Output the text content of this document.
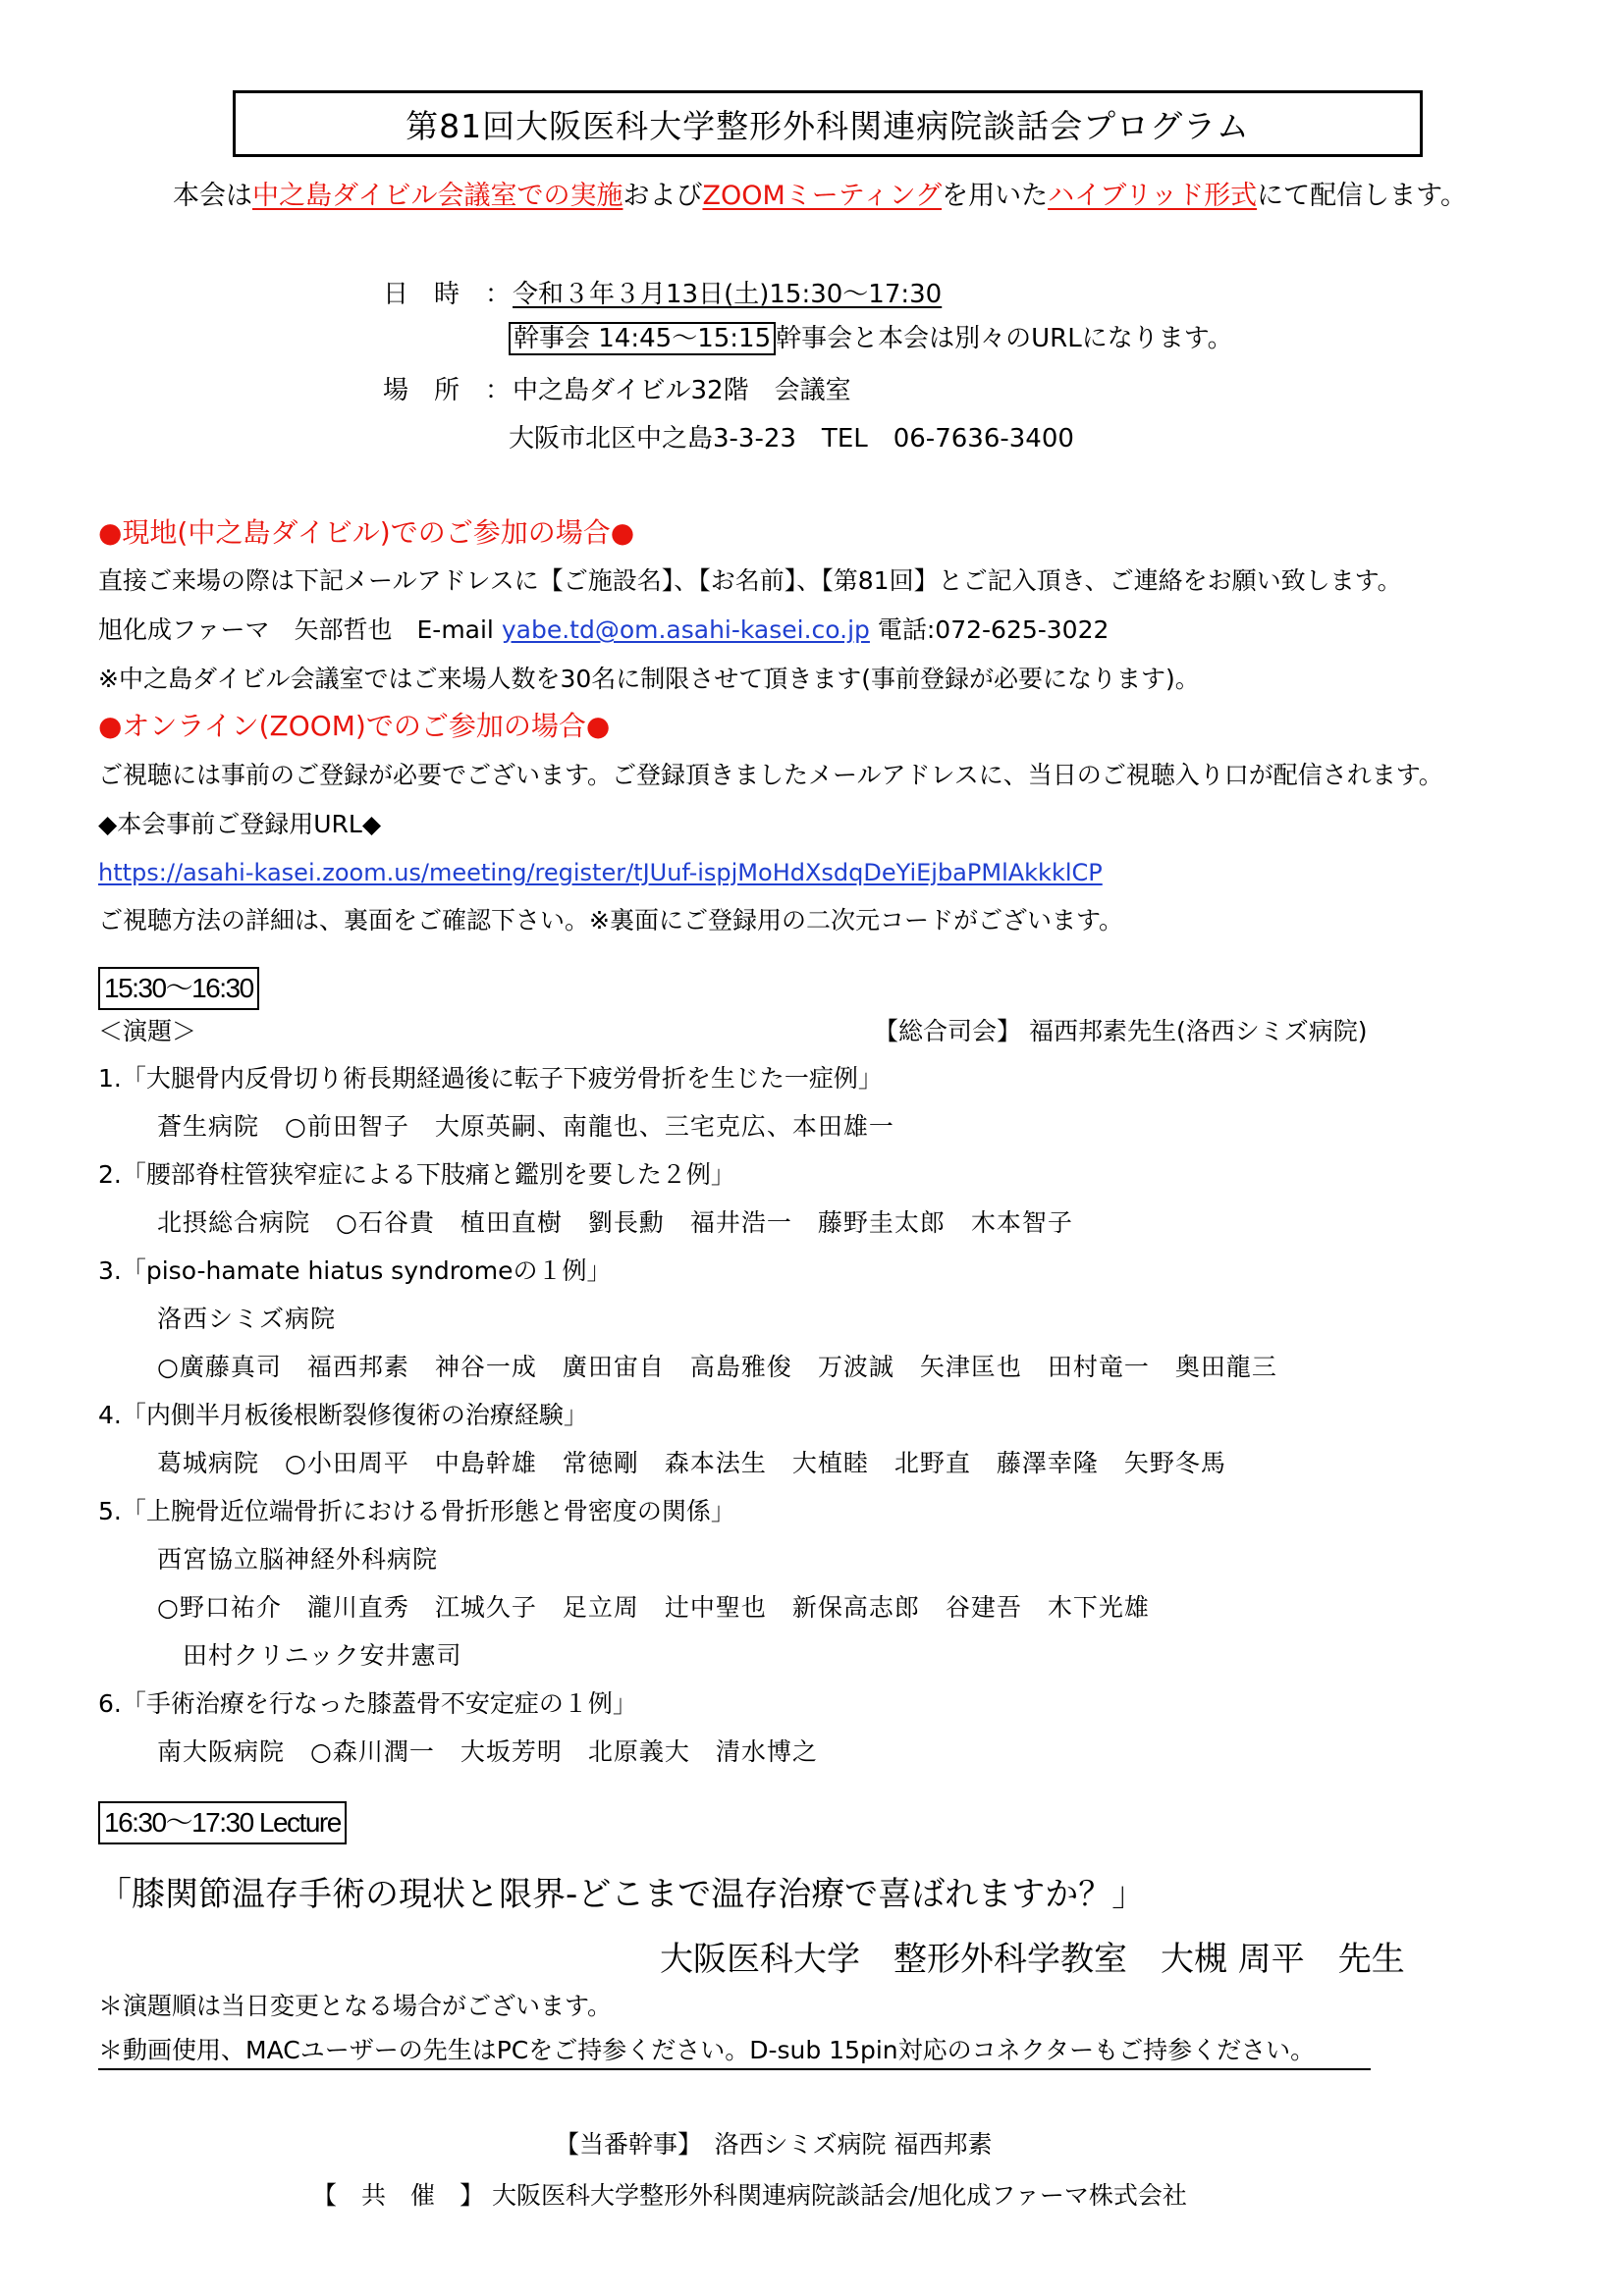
第81回大阪医科大学整形外科関連病院談話会プログラム
本会は中之島ダイビル会議室での実施およびZOOMミーティングを用いたハイブリッド形式にて配信します。
日　時　： 令和３年３月13日(土)15:30～17:30
幹事会 14:45～15:15 幹事会と本会は別々のURLになります。
場　所　： 中之島ダイビル32階　会議室
大阪市北区中之島3-3-23　TEL　06-7636-3400
●現地(中之島ダイビル)でのご参加の場合●
直接ご来場の際は下記メールアドレスに【ご施設名】、【お名前】、【第81回】とご記入頂き、ご連絡をお願い致します。
旭化成ファーマ　矢部哲也　E-mail yabe.td@om.asahi-kasei.co.jp 電話:072-625-3022
※中之島ダイビル会議室ではご来場人数を30名に制限させて頂きます(事前登録が必要になります)。
●オンライン(ZOOM)でのご参加の場合●
ご視聴には事前のご登録が必要でございます。ご登録頂きましたメールアドレスに、当日のご視聴入り口が配信されます。
◆本会事前ご登録用URL◆
https://asahi-kasei.zoom.us/meeting/register/tJUuf-ispjMoHdXsdqDeYiEjbaPMlAkkklCP
ご視聴方法の詳細は、裏面をご確認下さい。※裏面にご登録用の二次元コードがございます。
15:30～16:30
＜演題＞	【総合司会】 福西邦素先生(洛西シミズ病院)
1.「大腿骨内反骨切り術長期経過後に転子下疲労骨折を生じた一症例」
蒼生病院　○前田智子　大原英嗣、南龍也、三宅克広、本田雄一
2.「腰部脊柱管狭窄症による下肢痛と鑑別を要した２例」
北摂総合病院　○石谷貴　植田直樹　劉長勳　福井浩一　藤野圭太郎　木本智子
3.「piso-hamate hiatus syndromeの１例」
洛西シミズ病院
○廣藤真司　福西邦素　神谷一成　廣田宙自　高島雅俊　万波誠　矢津匡也　田村竜一　奥田龍三
4.「内側半月板後根断裂修復術の治療経験」
葛城病院　○小田周平　中島幹雄　常徳剛　森本法生　大植睦　北野直　藤澤幸隆　矢野冬馬
5.「上腕骨近位端骨折における骨折形態と骨密度の関係」
西宮協立脳神経外科病院
○野口祐介　瀧川直秀　江城久子　足立周　辻中聖也　新保高志郎　谷建吾　木下光雄
　田村クリニック安井憲司
6.「手術治療を行なった膝蓋骨不安定症の１例」
南大阪病院　○森川潤一　大坂芳明　北原義大　清水博之
16:30～17:30 Lecture
「膝関節温存手術の現状と限界-どこまで温存治療で喜ばれますか？」
大阪医科大学　整形外科学教室　大槻 周平　先生
＊演題順は当日変更となる場合がございます。
＊動画使用、MACユーザーの先生はPCをご持参ください。D-sub 15pin対応のコネクターもご持参ください。
【当番幹事】　洛西シミズ病院 福西邦素
【　共　催　】 大阪医科大学整形外科関連病院談話会/旭化成ファーマ株式会社
